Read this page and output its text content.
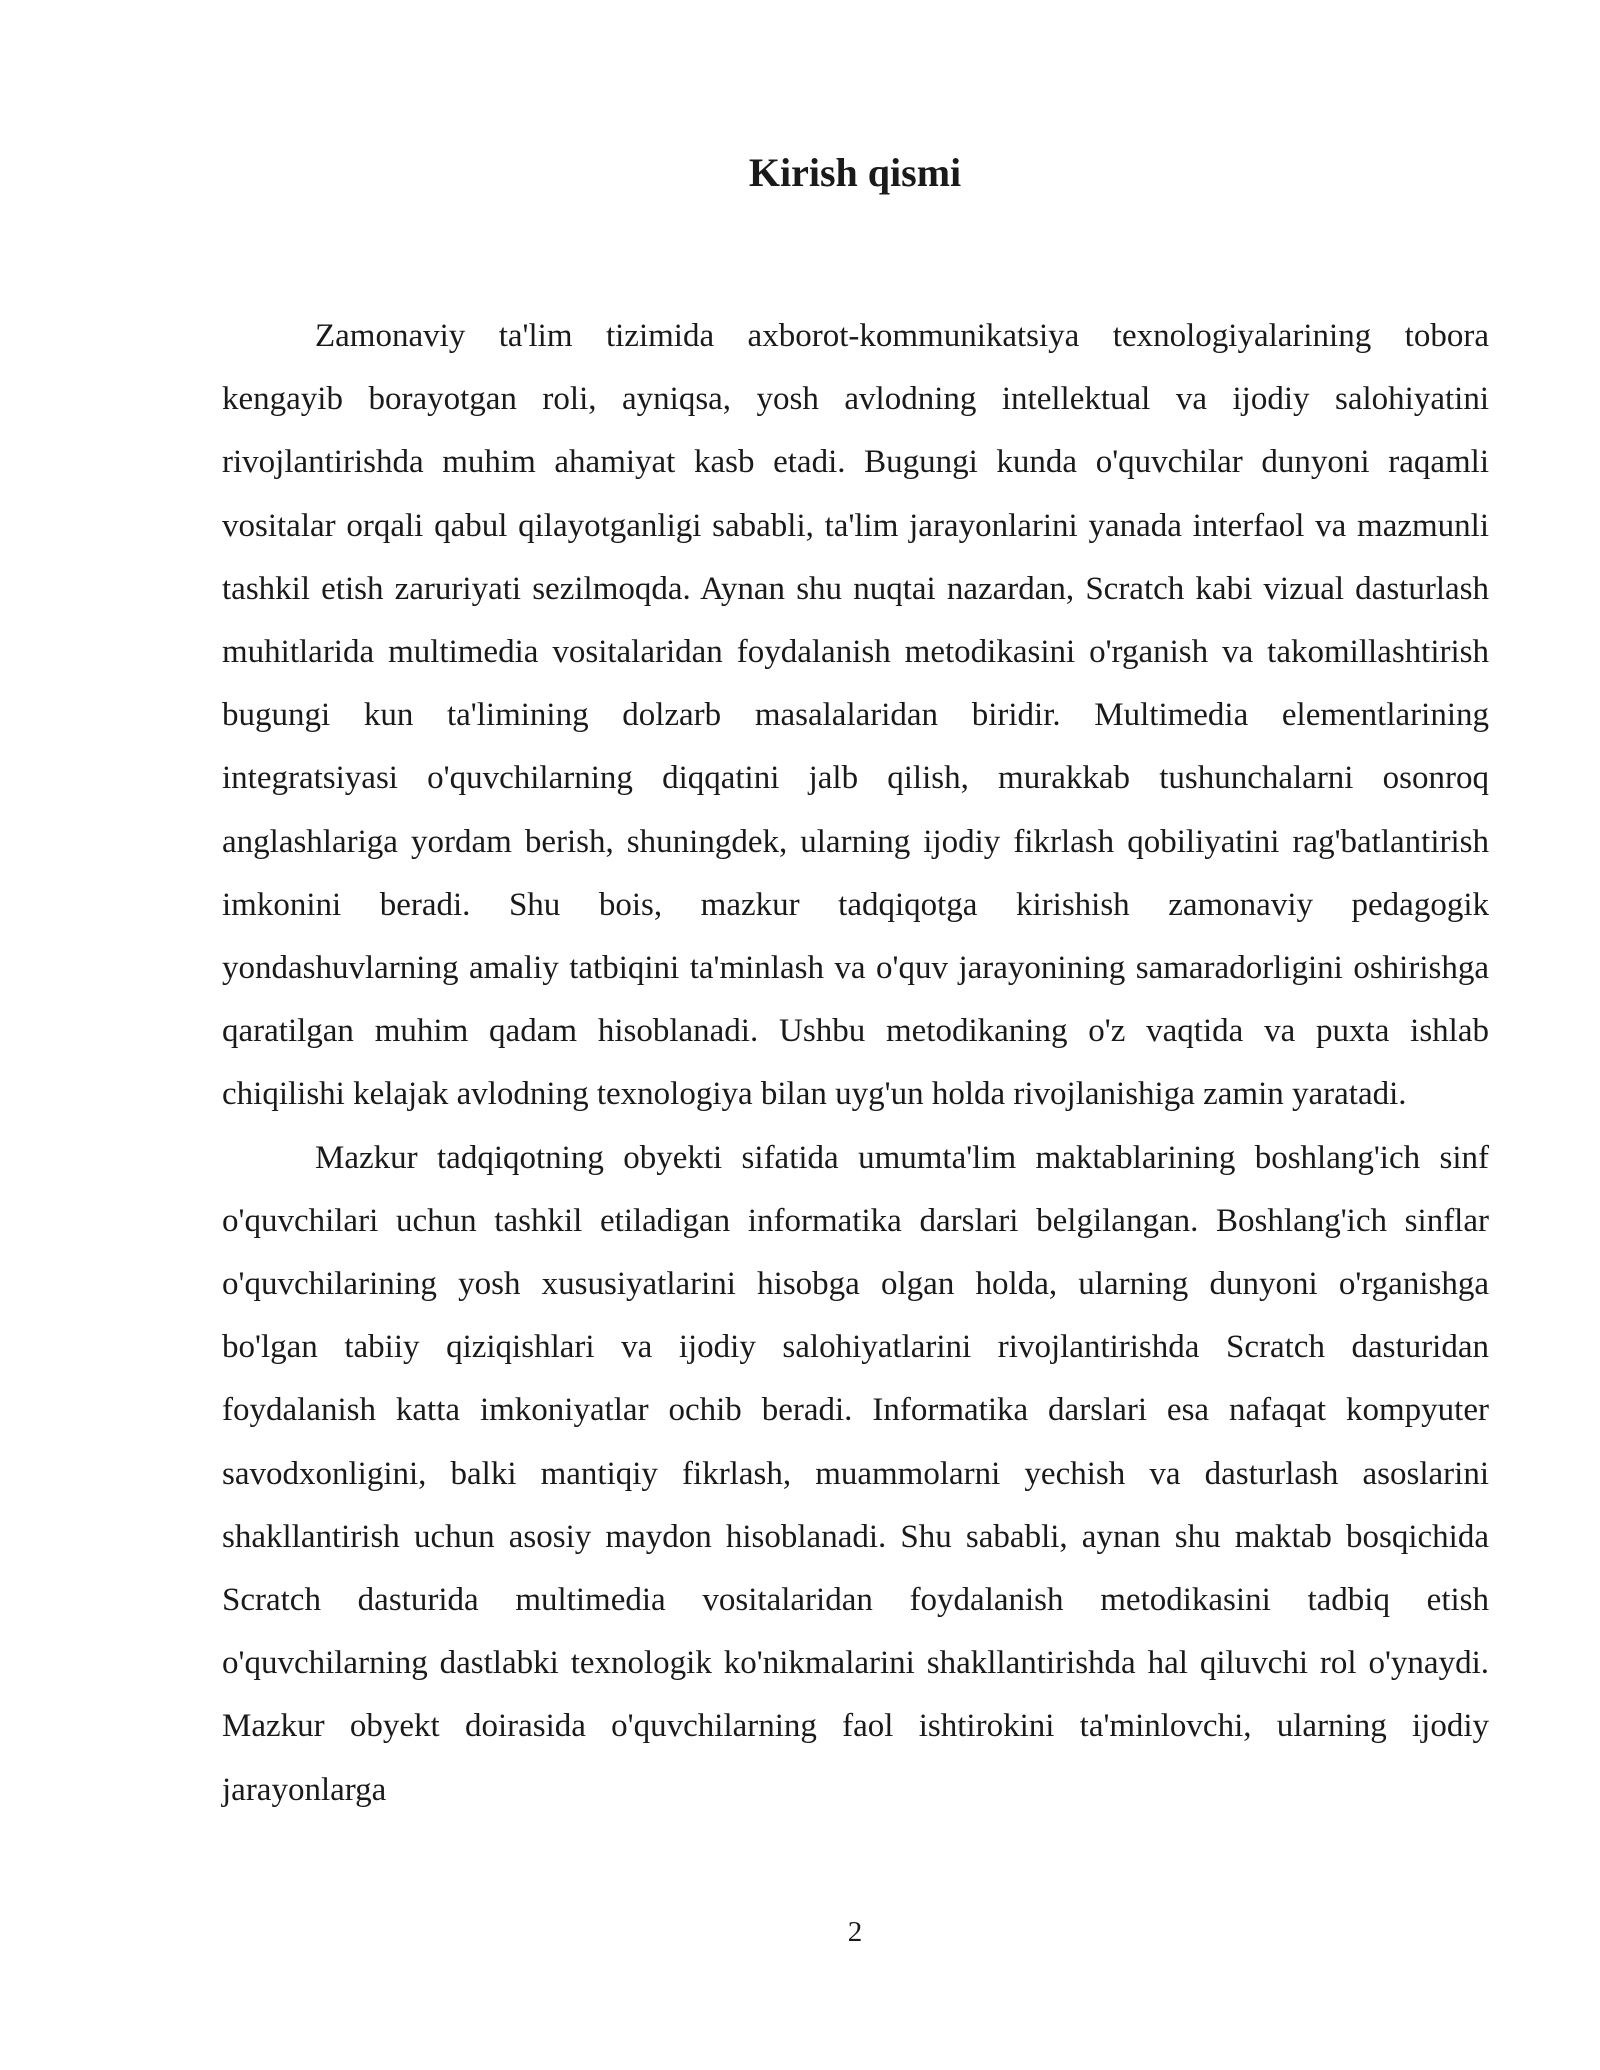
Kirish qismi

Zamonaviy ta'lim tizimida axborot-kommunikatsiya texnologiyalarining tobora kengayib borayotgan roli, ayniqsa, yosh avlodning intellektual va ijodiy salohiyatini rivojlantirishda muhim ahamiyat kasb etadi. Bugungi kunda o'quvchilar dunyoni raqamli vositalar orqali qabul qilayotganligi sababli, ta'lim jarayonlarini yanada interfaol va mazmunli tashkil etish zaruriyati sezilmoqda. Aynan shu nuqtai nazardan, Scratch kabi vizual dasturlash muhitlarida multimedia vositalaridan foydalanish metodikasini o'rganish va takomillashtirish bugungi kun ta'limining dolzarb masalalaridan biridir. Multimedia elementlarining integratsiyasi o'quvchilarning diqqatini jalb qilish, murakkab tushunchalarni osonroq anglashlariga yordam berish, shuningdek, ularning ijodiy fikrlash qobiliyatini rag'batlantirish imkonini beradi. Shu bois, mazkur tadqiqotga kirishish zamonaviy pedagogik yondashuvlarning amaliy tatbiqini ta'minlash va o'quv jarayonining samaradorligini oshirishga qaratilgan muhim qadam hisoblanadi. Ushbu metodikaning o'z vaqtida va puxta ishlab chiqilishi kelajak avlodning texnologiya bilan uyg'un holda rivojlanishiga zamin yaratadi.

Mazkur tadqiqotning obyekti sifatida umumta'lim maktablarining boshlang'ich sinf o'quvchilari uchun tashkil etiladigan informatika darslari belgilangan. Boshlang'ich sinflar o'quvchilarining yosh xususiyatlarini hisobga olgan holda, ularning dunyoni o'rganishga bo'lgan tabiiy qiziqishlari va ijodiy salohiyatlarini rivojlantirishda Scratch dasturidan foydalanish katta imkoniyatlar ochib beradi. Informatika darslari esa nafaqat kompyuter savodxonligini, balki mantiqiy fikrlash, muammolarni yechish va dasturlash asoslarini shakllantirish uchun asosiy maydon hisoblanadi. Shu sababli, aynan shu maktab bosqichida Scratch dasturida multimedia vositalaridan foydalanish metodikasini tadbiq etish o'quvchilarning dastlabki texnologik ko'nikmalarini shakllantirishda hal qiluvchi rol o'ynaydi. Mazkur obyekt doirasida o'quvchilarning faol ishtirokini ta'minlovchi, ularning ijodiy jarayonlarga

2
